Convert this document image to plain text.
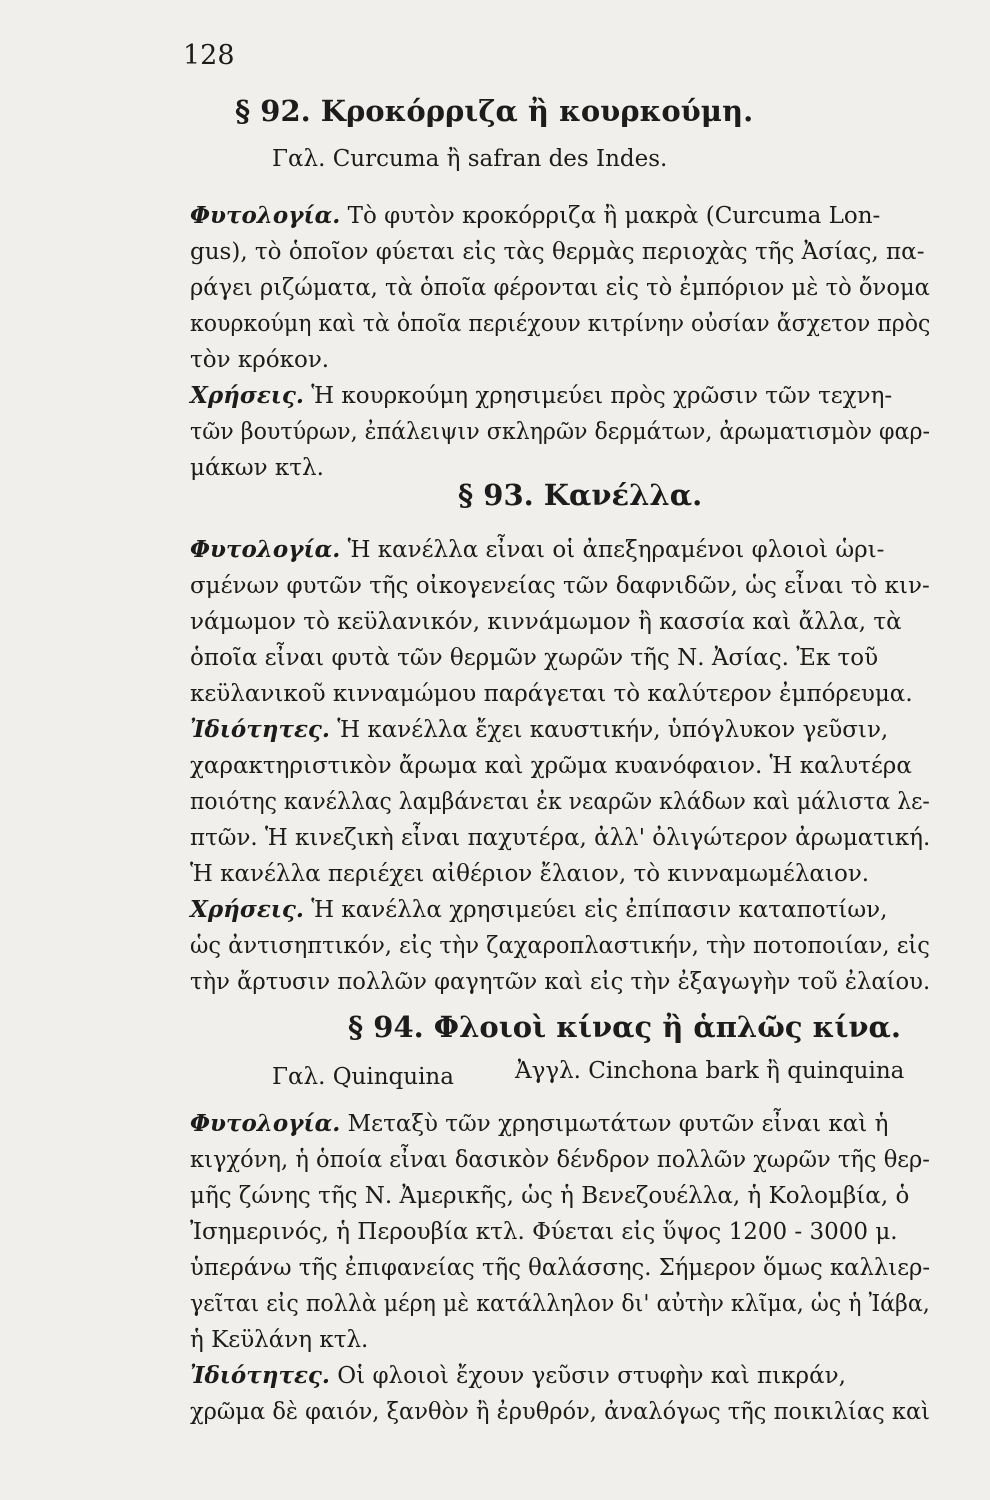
128
§ 92. Κροκόρριζα ἢ κουρκούμη.
Γαλ. Curcuma ἢ safran des Indes.
Φυτολογία. Τὸ φυτὸν κροκόρριζα ἢ μακρὰ (Curcuma Lon-
gus), τὸ ὁποῖον φύεται εἰς τὰς θερμὰς περιοχὰς τῆς Ἀσίας, πα-
ράγει ριζώματα, τὰ ὁποῖα φέρονται εἰς τὸ ἐμπόριον μὲ τὸ ὄνομα
κουρκούμη καὶ τὰ ὁποῖα περιέχουν κιτρίνην οὐσίαν ἄσχετον πρὸς
τὸν κρόκον.
Χρήσεις. Ἡ κουρκούμη χρησιμεύει πρὸς χρῶσιν τῶν τεχνη-
τῶν βουτύρων, ἐπάλειψιν σκληρῶν δερμάτων, ἀρωματισμὸν φαρ-
μάκων κτλ.
§ 93. Κανέλλα.
Φυτολογία. Ἡ κανέλλα εἶναι οἱ ἀπεξηραμένοι φλοιοὶ ὡρι-
σμένων φυτῶν τῆς οἰκογενείας τῶν δαφνιδῶν, ὡς εἶναι τὸ κιν-
νάμωμον τὸ κεϋλανικόν, κιννάμωμον ἢ κασσία καὶ ἄλλα, τὰ
ὁποῖα εἶναι φυτὰ τῶν θερμῶν χωρῶν τῆς Ν. Ἀσίας. Ἐκ τοῦ
κεϋλανικοῦ κινναμώμου παράγεται τὸ καλύτερον ἐμπόρευμα.
Ἰδιότητες. Ἡ κανέλλα ἔχει καυστικήν, ὑπόγλυκον γεῦσιν,
χαρακτηριστικὸν ἄρωμα καὶ χρῶμα κυανόφαιον. Ἡ καλυτέρα
ποιότης κανέλλας λαμβάνεται ἐκ νεαρῶν κλάδων καὶ μάλιστα λε-
πτῶν. Ἡ κινεζικὴ εἶναι παχυτέρα, ἀλλ' ὀλιγώτερον ἀρωματική.
Ἡ κανέλλα περιέχει αἰθέριον ἔλαιον, τὸ κινναμωμέλαιον.
Χρήσεις. Ἡ κανέλλα χρησιμεύει εἰς ἐπίπασιν καταποτίων,
ὡς ἀντισηπτικόν, εἰς τὴν ζαχαροπλαστικήν, τὴν ποτοποιίαν, εἰς
τὴν ἄρτυσιν πολλῶν φαγητῶν καὶ εἰς τὴν ἐξαγωγὴν τοῦ ἐλαίου.
§ 94. Φλοιοὶ κίνας ἢ ἁπλῶς κίνα.
Γαλ. Quinquina	Ἀγγλ. Cinchona bark ἢ quinquina
Φυτολογία. Μεταξὺ τῶν χρησιμωτάτων φυτῶν εἶναι καὶ ἡ
κιγχόνη, ἡ ὁποία εἶναι δασικὸν δένδρον πολλῶν χωρῶν τῆς θερ-
μῆς ζώνης τῆς Ν. Ἀμερικῆς, ὡς ἡ Βενεζουέλλα, ἡ Κολομβία, ὁ
Ἰσημερινός, ἡ Περουβία κτλ. Φύεται εἰς ὕψος 1200 - 3000 μ.
ὑπεράνω τῆς ἐπιφανείας τῆς θαλάσσης. Σήμερον ὅμως καλλιερ-
γεῖται εἰς πολλὰ μέρη μὲ κατάλληλον δι' αὐτὴν κλῖμα, ὡς ἡ Ἰάβα,
ἡ Κεϋλάνη κτλ.
Ἰδιότητες. Οἱ φλοιοὶ ἔχουν γεῦσιν στυφὴν καὶ πικράν,
χρῶμα δὲ φαιόν, ξανθὸν ἢ ἐρυθρόν, ἀναλόγως τῆς ποικιλίας καὶ
